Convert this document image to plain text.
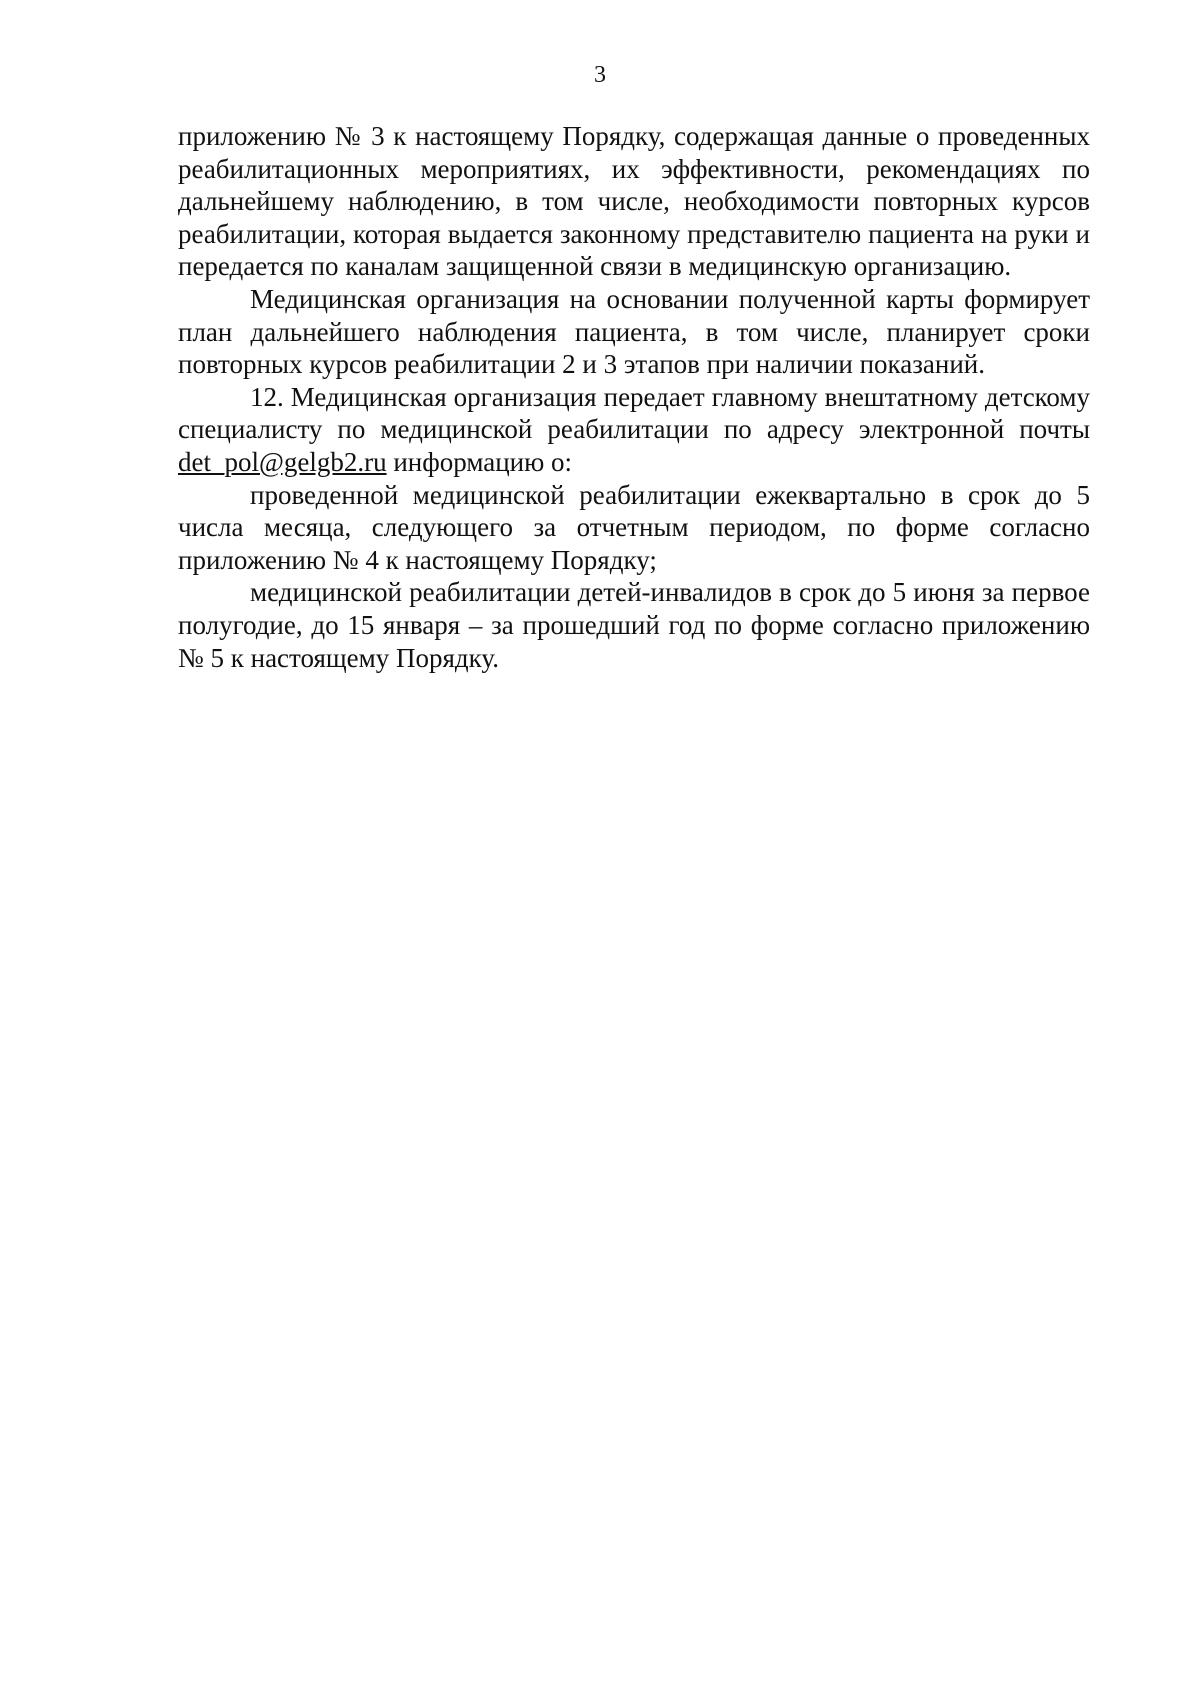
3

приложению № 3 к настоящему Порядку, содержащая данные о проведенных реабилитационных мероприятиях, их эффективности, рекомендациях по дальнейшему наблюдению, в том числе, необходимости повторных курсов реабилитации, которая выдается законному представителю пациента на руки и передается по каналам защищенной связи в медицинскую организацию.

Медицинская организация на основании полученной карты формирует план дальнейшего наблюдения пациента, в том числе, планирует сроки повторных курсов реабилитации 2 и 3 этапов при наличии показаний.

12. Медицинская организация передает главному внештатному детскому специалисту по медицинской реабилитации по адресу электронной почты det_pol@gelgb2.ru информацию о:

проведенной медицинской реабилитации ежеквартально в срок до 5 числа месяца, следующего за отчетным периодом, по форме согласно приложению № 4 к настоящему Порядку;

медицинской реабилитации детей-инвалидов в срок до 5 июня за первое полугодие, до 15 января – за прошедший год по форме согласно приложению № 5 к настоящему Порядку.
